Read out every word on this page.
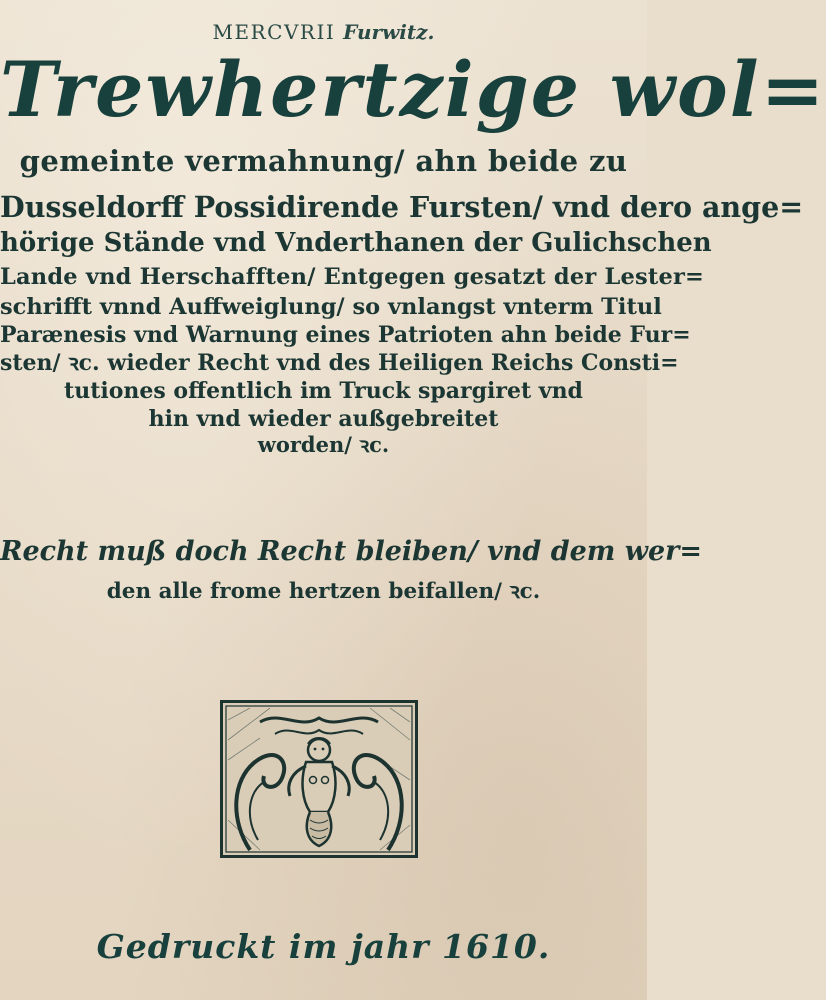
MERCVRII Furwitz.
Trewhertzige wol=
gemeinte vermahnung/ ahn beide zu
Dusseldorff Possidirende Fursten/ vnd dero ange=
hörige Stände vnd Vnderthanen der Gulichschen
Lande vnd Herschafften/ Entgegen gesatzt der Lester=
schrifft vnnd Auffweiglung/ so vnlangst vnterm Titul
Parænesis vnd Warnung eines Patrioten ahn beide Fur=
sten/ ꝛc. wieder Recht vnd des Heiligen Reichs Consti=
tutiones offentlich im Truck spargiret vnd
hin vnd wieder außgebreitet
worden/ ꝛc.
Recht muß doch Recht bleiben/ vnd dem wer=
den alle frome hertzen beifallen/ ꝛc.
Gedruckt im jahr 1610.
